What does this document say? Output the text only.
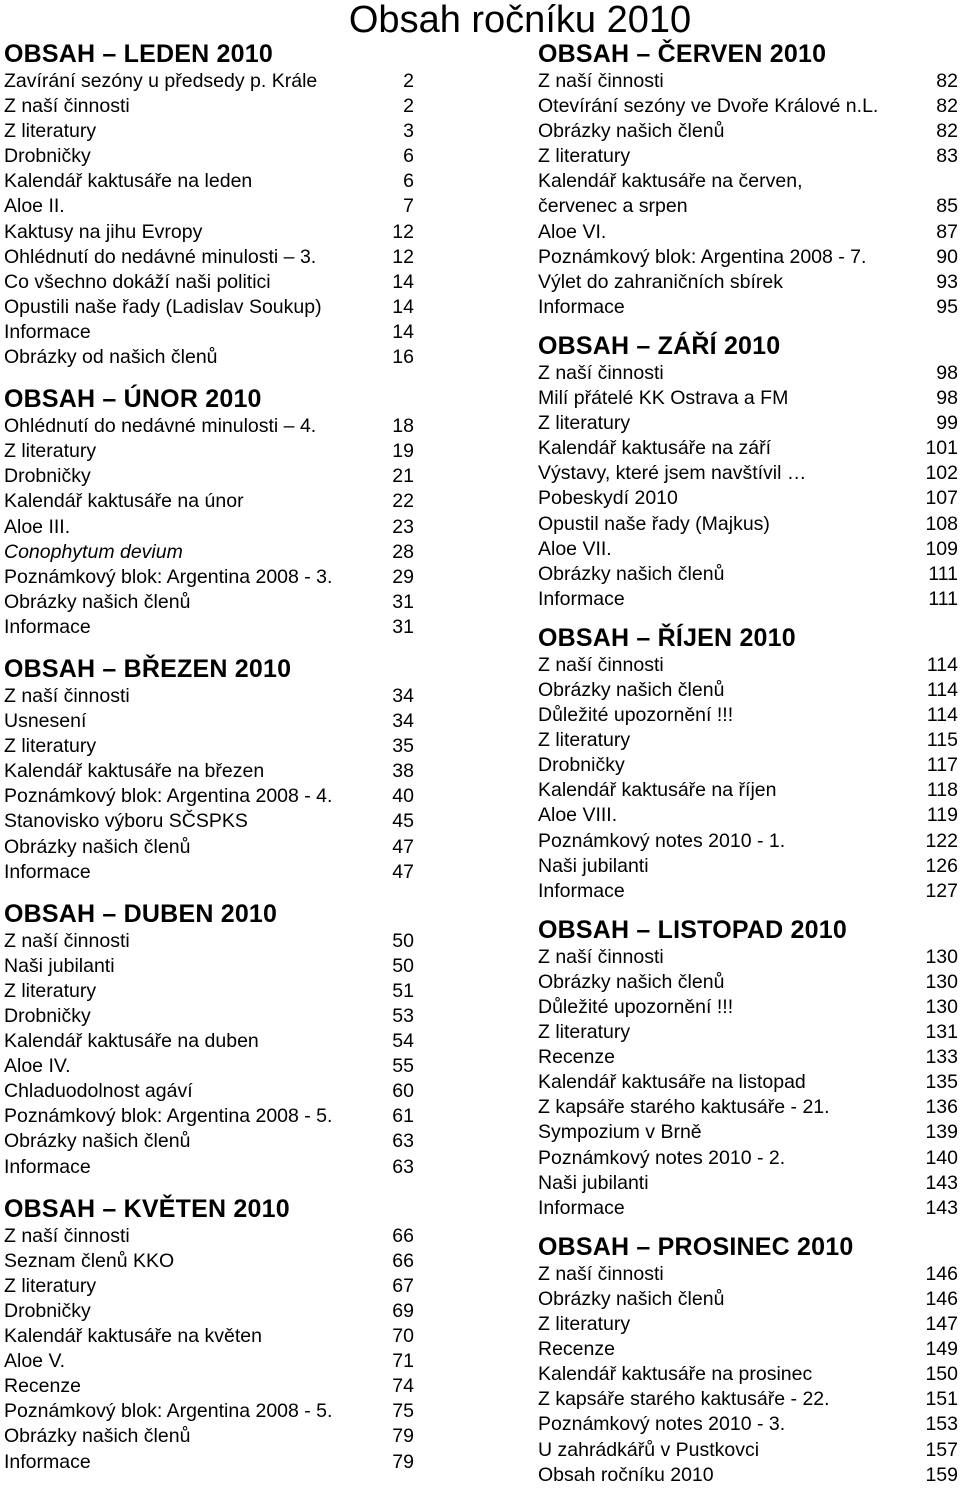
Obsah ročníku 2010
OBSAH – LEDEN 2010
Zavírání sezóny u předsedy p. Krále	2
Z naší činnosti	2
Z literatury	3
Drobničky	6
Kalendář kaktusáře na leden	6
Aloe II.	7
Kaktusy na jihu Evropy	12
Ohlédnutí do nedávné minulosti – 3.	12
Co všechno dokáží naši politici	14
Opustili naše řady (Ladislav Soukup)	14
Informace	14
Obrázky od našich členů	16
OBSAH – ÚNOR 2010
Ohlédnutí do nedávné minulosti – 4.	18
Z literatury	19
Drobničky	21
Kalendář kaktusáře na únor	22
Aloe III.	23
Conophytum devium	28
Poznámkový blok: Argentina 2008 - 3.	29
Obrázky našich členů	31
Informace	31
OBSAH – BŘEZEN 2010
Z naší činnosti	34
Usnesení	34
Z literatury	35
Kalendář kaktusáře na březen	38
Poznámkový blok: Argentina 2008 - 4.	40
Stanovisko výboru SČSPKS	45
Obrázky našich členů	47
Informace	47
OBSAH – DUBEN 2010
Z naší činnosti	50
Naši jubilanti	50
Z literatury	51
Drobničky	53
Kalendář kaktusáře na duben	54
Aloe IV.	55
Chladuodolnost agáví	60
Poznámkový blok: Argentina 2008 - 5.	61
Obrázky našich členů	63
Informace	63
OBSAH – KVĚTEN 2010
Z naší činnosti	66
Seznam členů KKO	66
Z literatury	67
Drobničky	69
Kalendář kaktusáře na květen	70
Aloe V.	71
Recenze	74
Poznámkový blok: Argentina 2008 - 5.	75
Obrázky našich členů	79
Informace	79
OBSAH – ČERVEN 2010
Z naší činnosti	82
Otevírání sezóny ve Dvoře Králové n.L.	82
Obrázky našich členů	82
Z literatury	83
Kalendář kaktusáře na červen,
červenec a srpen	85
Aloe VI.	87
Poznámkový blok: Argentina 2008 - 7.	90
Výlet do zahraničních sbírek	93
Informace	95
OBSAH – ZÁŘÍ 2010
Z naší činnosti	98
Milí přátelé KK Ostrava a FM	98
Z literatury	99
Kalendář kaktusáře na září	101
Výstavy, které jsem navštívil …	102
Pobeskydí 2010	107
Opustil naše řady (Majkus)	108
Aloe VII.	109
Obrázky našich členů	111
Informace	111
OBSAH – ŘÍJEN 2010
Z naší činnosti	114
Obrázky našich členů	114
Důležité upozornění !!!	114
Z literatury	115
Drobničky	117
Kalendář kaktusáře na říjen	118
Aloe VIII.	119
Poznámkový notes 2010 - 1.	122
Naši jubilanti	126
Informace	127
OBSAH – LISTOPAD 2010
Z naší činnosti	130
Obrázky našich členů	130
Důležité upozornění !!!	130
Z literatury	131
Recenze	133
Kalendář kaktusáře na listopad	135
Z kapsáře starého kaktusáře - 21.	136
Sympozium v Brně	139
Poznámkový notes 2010 - 2.	140
Naši jubilanti	143
Informace	143
OBSAH – PROSINEC 2010
Z naší činnosti	146
Obrázky našich členů	146
Z literatury	147
Recenze	149
Kalendář kaktusáře na prosinec	150
Z kapsáře starého kaktusáře - 22.	151
Poznámkový notes 2010 - 3.	153
U zahrádkářů v Pustkovci	157
Obsah ročníku 2010	159
